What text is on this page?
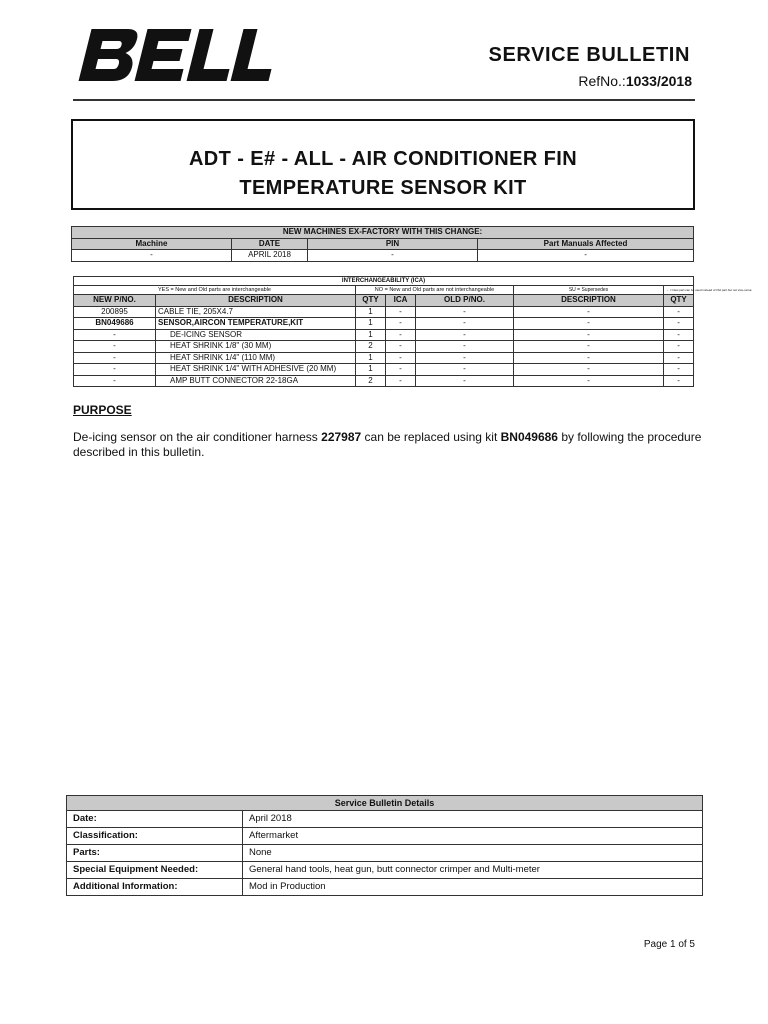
SERVICE BULLETIN
RefNo.:1033/2018
ADT - E# - ALL - AIR CONDITIONER FIN
TEMPERATURE SENSOR KIT
NEW MACHINES EX-FACTORY WITH THIS CHANGE:			
Machine	DATE	PIN	Part Manuals Affected
-	APRIL 2018	-	-
INTERCHANGEABILITY (ICA)						
YES = New and Old parts are interchangeable		NO = New and Old parts are not interchangeable			SU = Supersedes	→ = New part can be used instead of Old part but not vice-versa
NEW P/NO.	DESCRIPTION	QTY	ICA	OLD P/NO.	DESCRIPTION	QTY
200895	CABLE TIE, 205X4.7	1	-	-	-	-
BN049686	SENSOR,AIRCON TEMPERATURE,KIT	1	-	-	-	-
-	DE-ICING SENSOR	1	-	-	-	-
-	HEAT SHRINK 1/8" (30 MM)	2	-	-	-	-
-	HEAT SHRINK 1/4" (110 MM)	1	-	-	-	-
-	HEAT SHRINK 1/4" WITH ADHESIVE (20 MM)	1	-	-	-	-
-	AMP BUTT CONNECTOR 22-18GA	2	-	-	-	-
PURPOSE

De-icing sensor on the air conditioner harness 227987 can be replaced using kit BN049686 by following the procedure described in this bulletin.

Service Bulletin Details	
Date:	April 2018
Classification:	Aftermarket
Parts:	None
Special Equipment Needed:	General hand tools, heat gun, butt connector crimper and Multi-meter
Additional Information:	Mod in Production
Page 1 of 5
